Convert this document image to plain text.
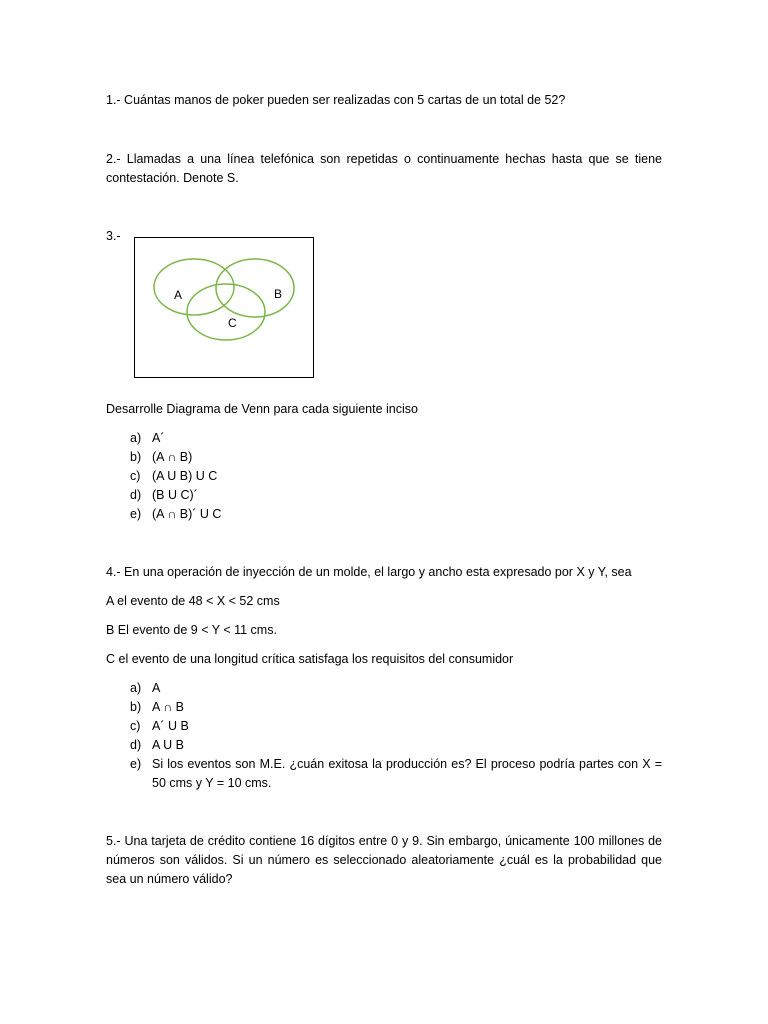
1.- Cuántas manos de poker pueden ser realizadas con 5 cartas de un total de 52?
2.- Llamadas a una línea telefónica son repetidas o continuamente hechas hasta que se tiene contestación. Denote S.
3.-
A	B
C
Desarrolle Diagrama de Venn para cada siguiente inciso
a) A´
b) (A ∩ B)
c) (A U B) U C
d) (B U C)´
e) (A ∩ B)´ U C
4.- En una operación de inyección de un molde, el largo y ancho esta expresado por X y Y, sea
A el evento de 48 < X < 52 cms
B El evento de 9 < Y < 11 cms.
C el evento de una longitud crítica satisfaga los requisitos del consumidor
a) A
b) A ∩ B
c) A´ U B
d) A U B
e) Si los eventos son M.E. ¿cuán exitosa la producción es? El proceso podría partes con X = 50 cms y Y = 10 cms.
5.- Una tarjeta de crédito contiene 16 dígitos entre 0 y 9. Sin embargo, únicamente 100 millones de números son válidos. Si un número es seleccionado aleatoriamente ¿cuál es la probabilidad que sea un número válido?
